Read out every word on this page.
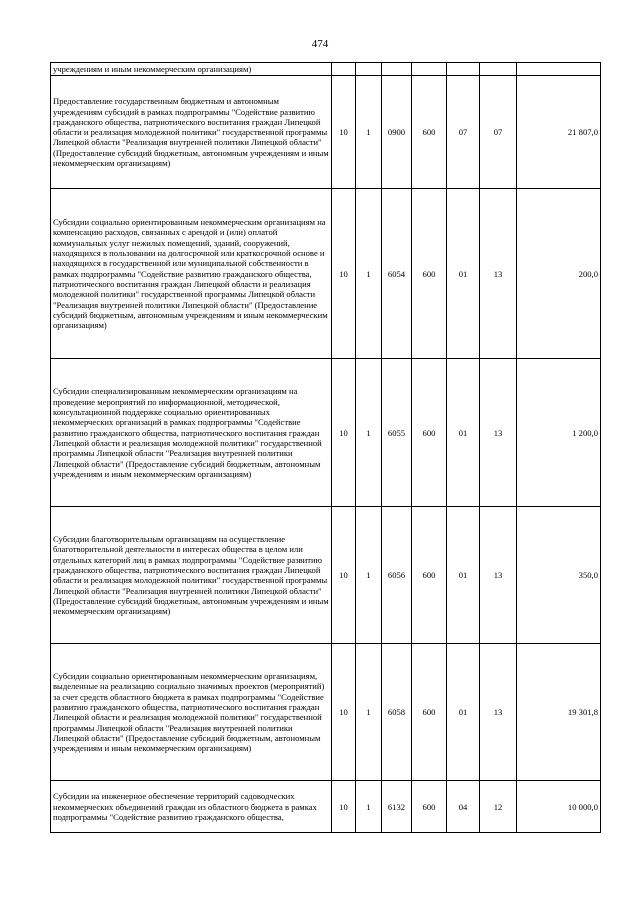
474
учреждениям и иным некоммерческим организациям)							
Предоставление государственным бюджетным и автономным учреждениям субсидий в рамках подпрограммы "Содействие развитию гражданского общества, патриотического воспитания граждан Липецкой области и реализация молодежной политики" государственной программы Липецкой области "Реализация внутренней политики Липецкой области" (Предоставление субсидий бюджетным, автономным учреждениям и иным некоммерческим организациям)	10	1	0900	600	07	07	21 807,0
Субсидии социально ориентированным некоммерческим организациям на компенсацию расходов, связанных с арендой и (или) оплатой коммунальных услуг нежилых помещений, зданий, сооружений, находящихся в пользовании на долгосрочной или краткосрочной основе и находящихся в государственной или муниципальной собственности в рамках подпрограммы "Содействие развитию гражданского общества, патриотического воспитания граждан Липецкой области и реализация молодежной политики" государственной программы Липецкой области "Реализация внутренней политики Липецкой области" (Предоставление субсидий бюджетным, автономным учреждениям и иным некоммерческим организациям)	10	1	6054	600	01	13	200,0
Субсидии специализированным некоммерческим организациям на проведение мероприятий по информационной, методической, консультационной поддержке социально ориентированных некоммерческих организаций в рамках подпрограммы "Содействие развитию гражданского общества, патриотического воспитания граждан Липецкой области и реализация молодежной политики" государственной программы Липецкой области "Реализация внутренней политики Липецкой области" (Предоставление субсидий бюджетным, автономным учреждениям и иным некоммерческим организациям)	10	1	6055	600	01	13	1 200,0
Субсидии благотворительным организациям на осуществление благотворительной деятельности в интересах общества в целом или отдельных категорий лиц в рамках подпрограммы "Содействие развитию гражданского общества, патриотического воспитания граждан Липецкой области и реализация молодежной политики" государственной программы Липецкой области "Реализация внутренней политики Липецкой области" (Предоставление субсидий бюджетным, автономным учреждениям и иным некоммерческим организациям)	10	1	6056	600	01	13	350,0
Субсидии социально ориентированным некоммерческим организациям, выделенные на реализацию социально значимых проектов (мероприятий) за счет средств областного бюджета в рамках подпрограммы "Содействие развитию гражданского общества, патриотического воспитания граждан Липецкой области и реализация молодежной политики" государственной программы Липецкой области "Реализация внутренней политики Липецкой области" (Предоставление субсидий бюджетным, автономным учреждениям и иным некоммерческим организациям)	10	1	6058	600	01	13	19 301,8
Субсидии на инженерное обеспечение территорий садоводческих некоммерческих объединений граждан из областного бюджета в рамках подпрограммы "Содействие развитию гражданского общества,	10	1	6132	600	04	12	10 000,0
